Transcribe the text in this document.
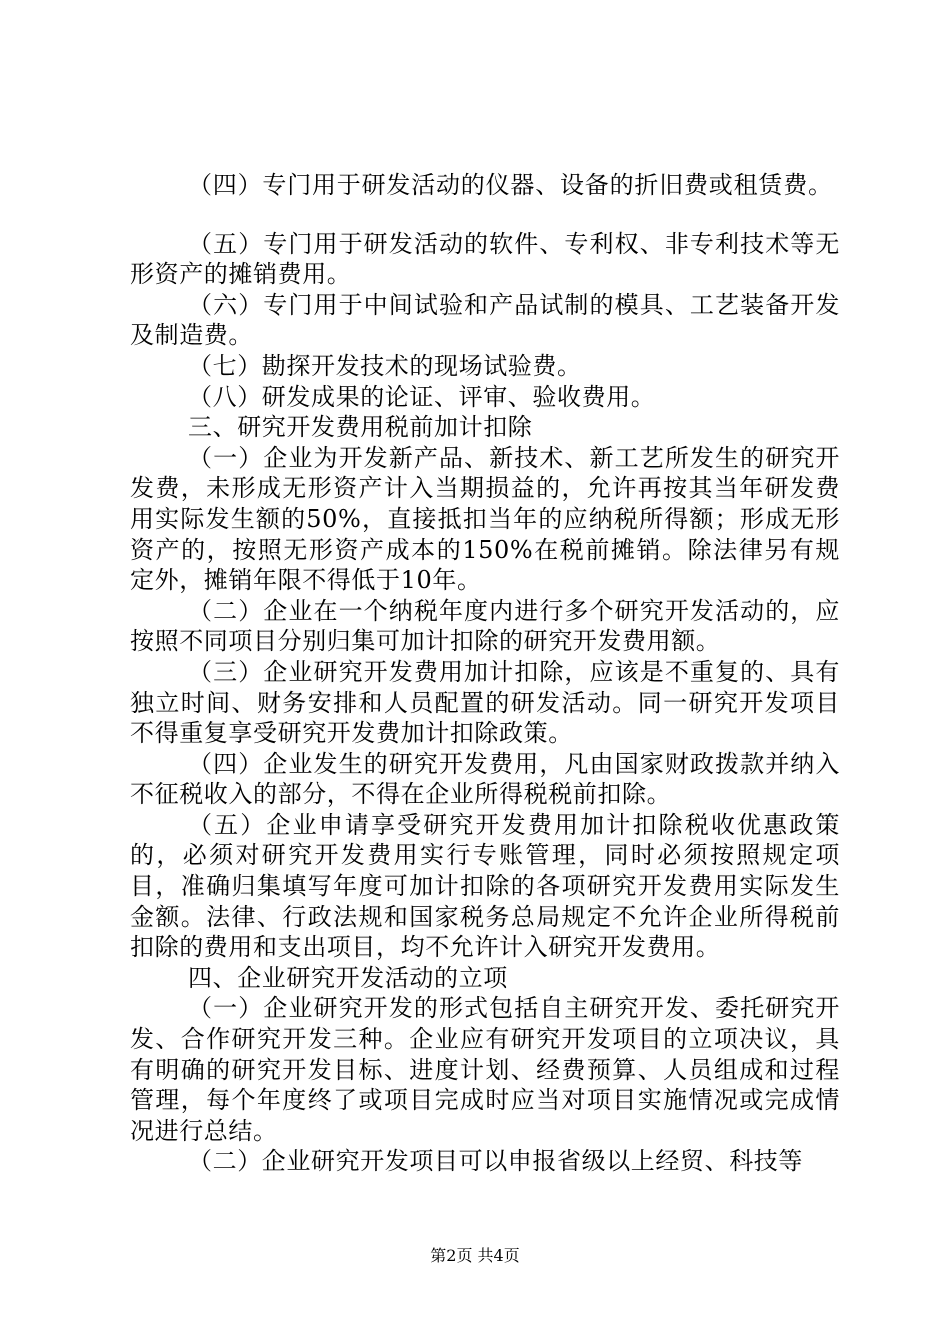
（四）专门用于研发活动的仪器、设备的折旧费或租赁费。

（五）专门用于研发活动的软件、专利权、非专利技术等无形资产的摊销费用。

（六）专门用于中间试验和产品试制的模具、工艺装备开发及制造费。

（七）勘探开发技术的现场试验费。

（八）研发成果的论证、评审、验收费用。

三、研究开发费用税前加计扣除

（一）企业为开发新产品、新技术、新工艺所发生的研究开发费，未形成无形资产计入当期损益的，允许再按其当年研发费用实际发生额的50%，直接抵扣当年的应纳税所得额；形成无形资产的，按照无形资产成本的150%在税前摊销。除法律另有规定外，摊销年限不得低于10年。

（二）企业在一个纳税年度内进行多个研究开发活动的，应按照不同项目分别归集可加计扣除的研究开发费用额。

（三）企业研究开发费用加计扣除，应该是不重复的、具有独立时间、财务安排和人员配置的研发活动。同一研究开发项目不得重复享受研究开发费加计扣除政策。

（四）企业发生的研究开发费用，凡由国家财政拨款并纳入不征税收入的部分，不得在企业所得税税前扣除。

（五）企业申请享受研究开发费用加计扣除税收优惠政策的，必须对研究开发费用实行专账管理，同时必须按照规定项目，准确归集填写年度可加计扣除的各项研究开发费用实际发生金额。法律、行政法规和国家税务总局规定不允许企业所得税前扣除的费用和支出项目，均不允许计入研究开发费用。

四、企业研究开发活动的立项

（一）企业研究开发的形式包括自主研究开发、委托研究开发、合作研究开发三种。企业应有研究开发项目的立项决议，具有明确的研究开发目标、进度计划、经费预算、人员组成和过程管理，每个年度终了或项目完成时应当对项目实施情况或完成情况进行总结。

（二）企业研究开发项目可以申报省级以上经贸、科技等

第2页 共4页
